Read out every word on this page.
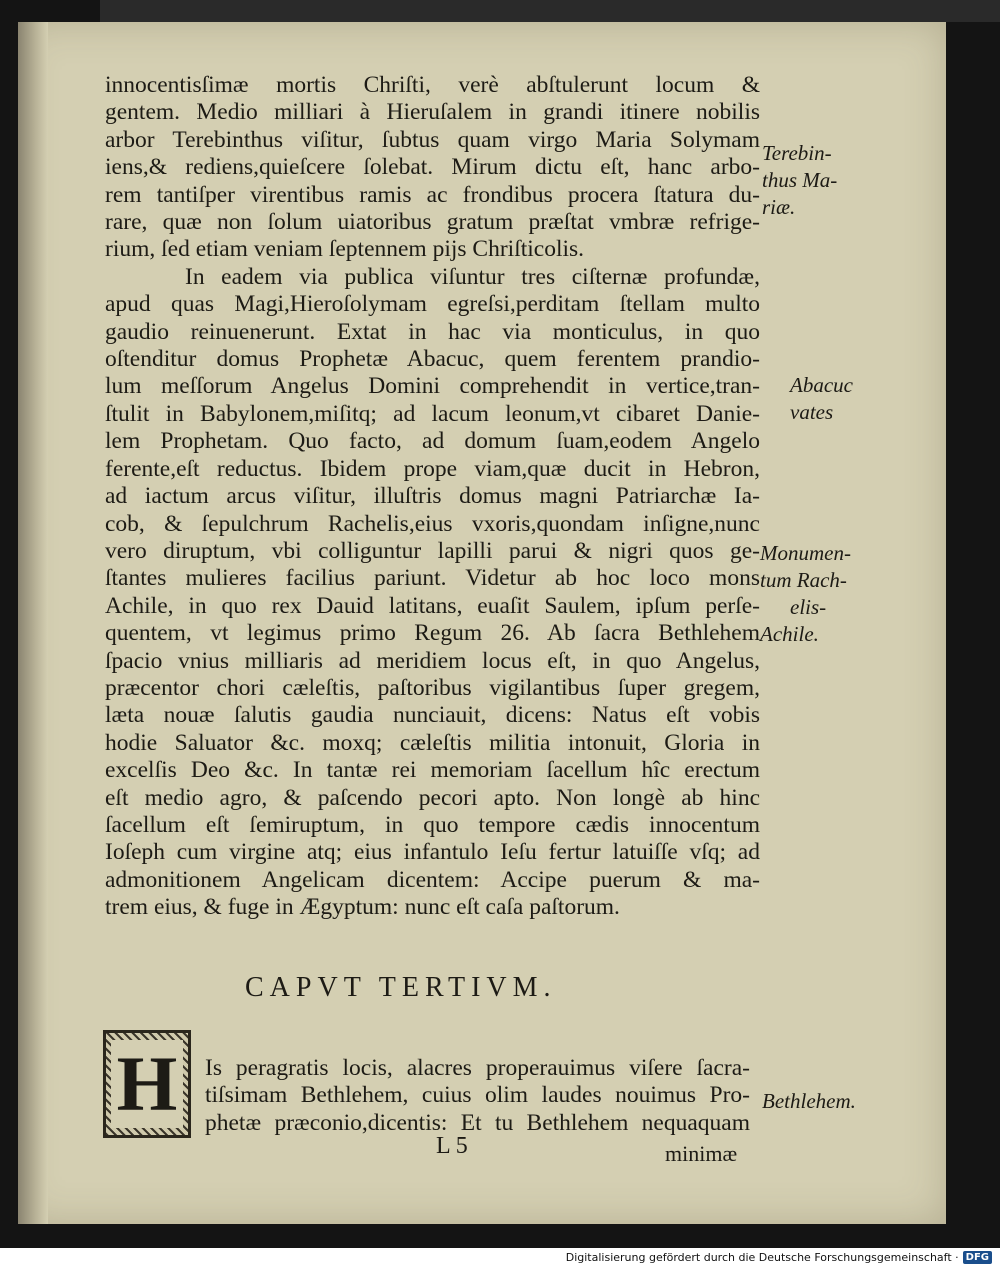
innocentisſimæ mortis Chriſti, verè abſtulerunt locum &
gentem. Medio milliari à Hieruſalem in grandi itinere nobilis
arbor Terebinthus viſitur, ſubtus quam virgo Maria Solymam
iens,& rediens,quieſcere ſolebat. Mirum dictu eſt, hanc arbo-
rem tantiſper virentibus ramis ac frondibus procera ſtatura du-
rare, quæ non ſolum uiatoribus gratum præſtat vmbræ refrige-
rium, ſed etiam veniam ſeptennem pijs Chriſticolis.

In eadem via publica viſuntur tres ciſternæ profundæ,
apud quas Magi,Hieroſolymam egreſsi,perditam ſtellam multo
gaudio reinuenerunt. Extat in hac via monticulus, in quo
oſtenditur domus Prophetæ Abacuc, quem ferentem prandio-
lum meſſorum Angelus Domini comprehendit in vertice,tran-
ſtulit in Babylonem,miſitq; ad lacum leonum,vt cibaret Danie-
lem Prophetam. Quo facto, ad domum ſuam,eodem Angelo
ferente,eſt reductus. Ibidem prope viam,quæ ducit in Hebron,
ad iactum arcus viſitur, illuſtris domus magni Patriarchæ Ia-
cob, & ſepulchrum Rachelis,eius vxoris,quondam inſigne,nunc
vero diruptum, vbi colliguntur lapilli parui & nigri quos ge-
ſtantes mulieres facilius pariunt. Videtur ab hoc loco mons
Achile, in quo rex Dauid latitans, euaſit Saulem, ipſum perſe-
quentem, vt legimus primo Regum 26. Ab ſacra Bethlehem
ſpacio vnius milliaris ad meridiem locus eſt, in quo Angelus,
præcentor chori cæleſtis, paſtoribus vigilantibus ſuper gregem,
læta nouæ ſalutis gaudia nunciauit, dicens: Natus eſt vobis
hodie Saluator &c. moxq; cæleſtis militia intonuit, Gloria in
excelſis Deo &c. In tantæ rei memoriam ſacellum hîc erectum
eſt medio agro, & paſcendo pecori apto. Non longè ab hinc
ſacellum eſt ſemiruptum, in quo tempore cædis innocentum
Ioſeph cum virgine atq; eius infantulo Ieſu fertur latuiſſe vſq; ad
admonitionem Angelicam dicentem: Accipe puerum & ma-
trem eius, & fuge in Ægyptum: nunc eſt caſa paſtorum.

Terebin-
thus Ma-
riæ.
Abacuc
vates
Monumen-
tum Rach-
elis-
Achile.
CAPVT TERTIVM.
H Is peragratis locis, alacres properauimus viſere ſacra-
tiſsimam Bethlehem, cuius olim laudes nouimus Pro-
phetæ præconio,dicentis: Et tu Bethlehem nequaquam
Bethlehem.
L 5	minimæ
Digitalisierung gefördert durch die Deutsche Forschungsgemeinschaft · DFG
